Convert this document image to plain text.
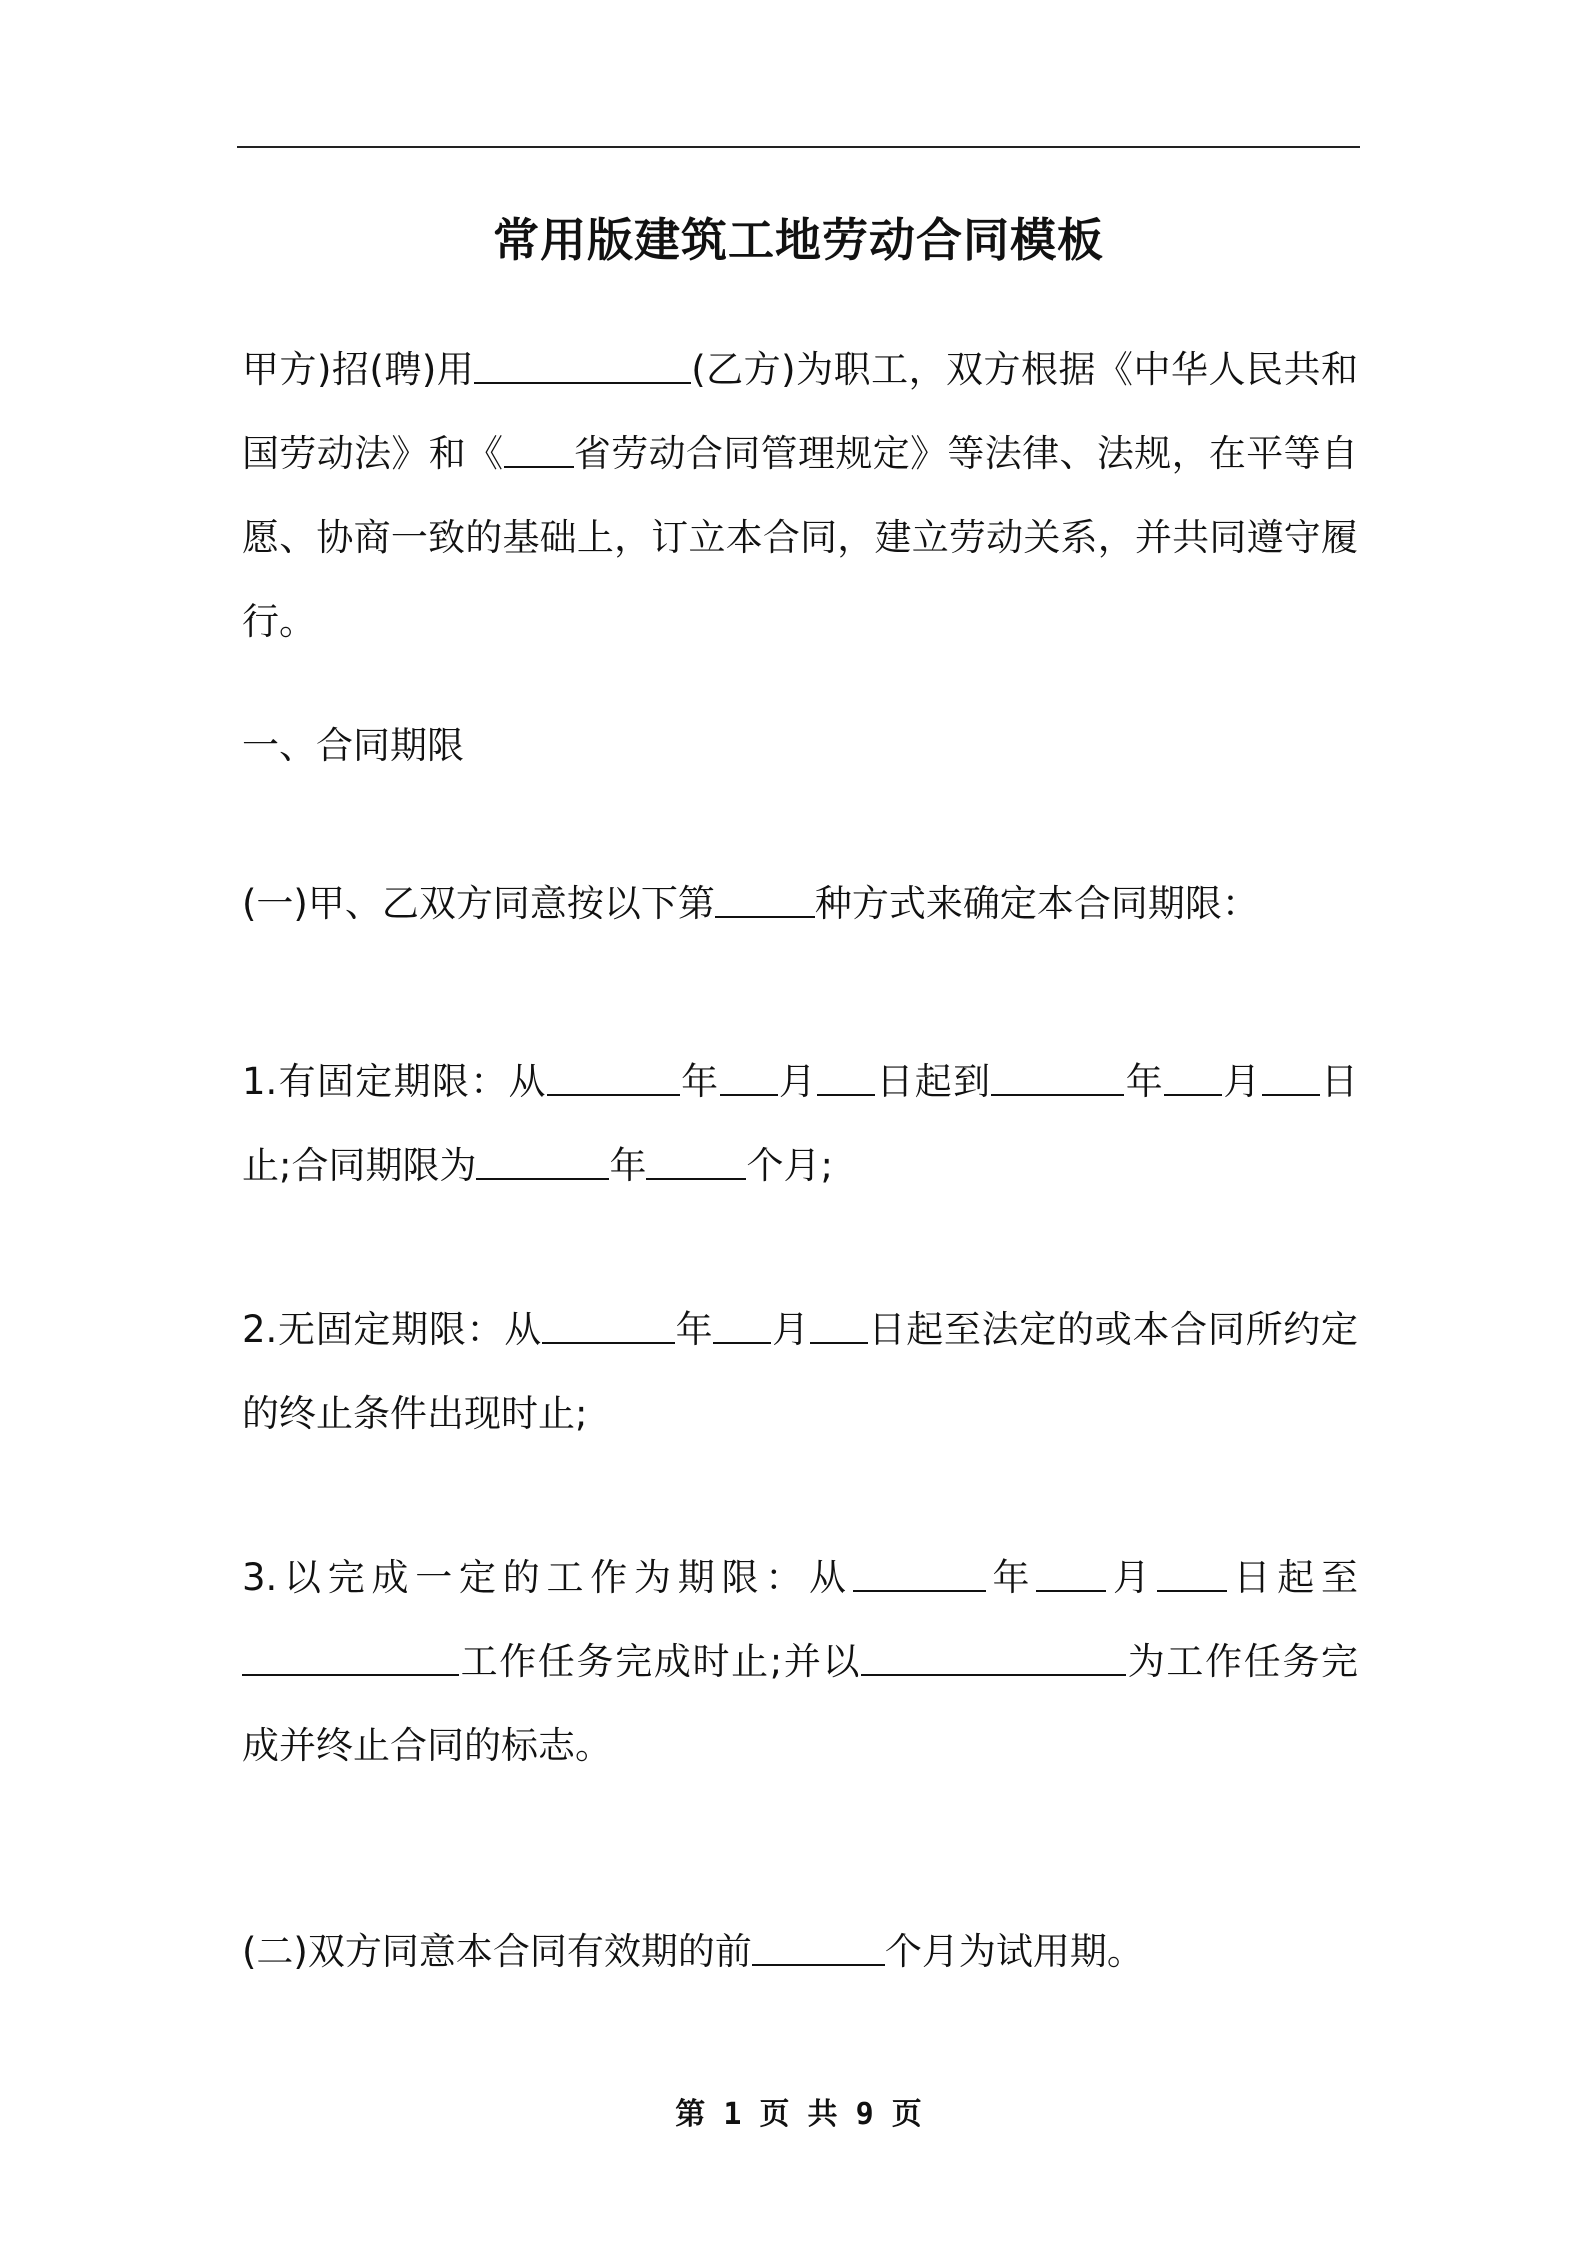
常用版建筑工地劳动合同模板

甲方)招(聘)用	(乙方)为职工，双方根据《中华人民共和国劳动法》和《 省劳动合同管理规定》等法律、法规，在平等自愿、协商一致的基础上，订立本合同，建立劳动关系，并共同遵守履行。

一、合同期限

(一)甲、乙双方同意按以下第	种方式来确定本合同期限：

1.有固定期限：从	年 月 日起到	年 月 日止;合同期限为	年	个月;

2.无固定期限：从	年 月 日起至法定的或本合同所约定的终止条件出现时止;

3.以完成一定的工作为期限：从	年 月 日起至工作任务完成时止;并以	为工作任务完成并终止合同的标志。

(二)双方同意本合同有效期的前	个月为试用期。

第 1 页 共 9 页
